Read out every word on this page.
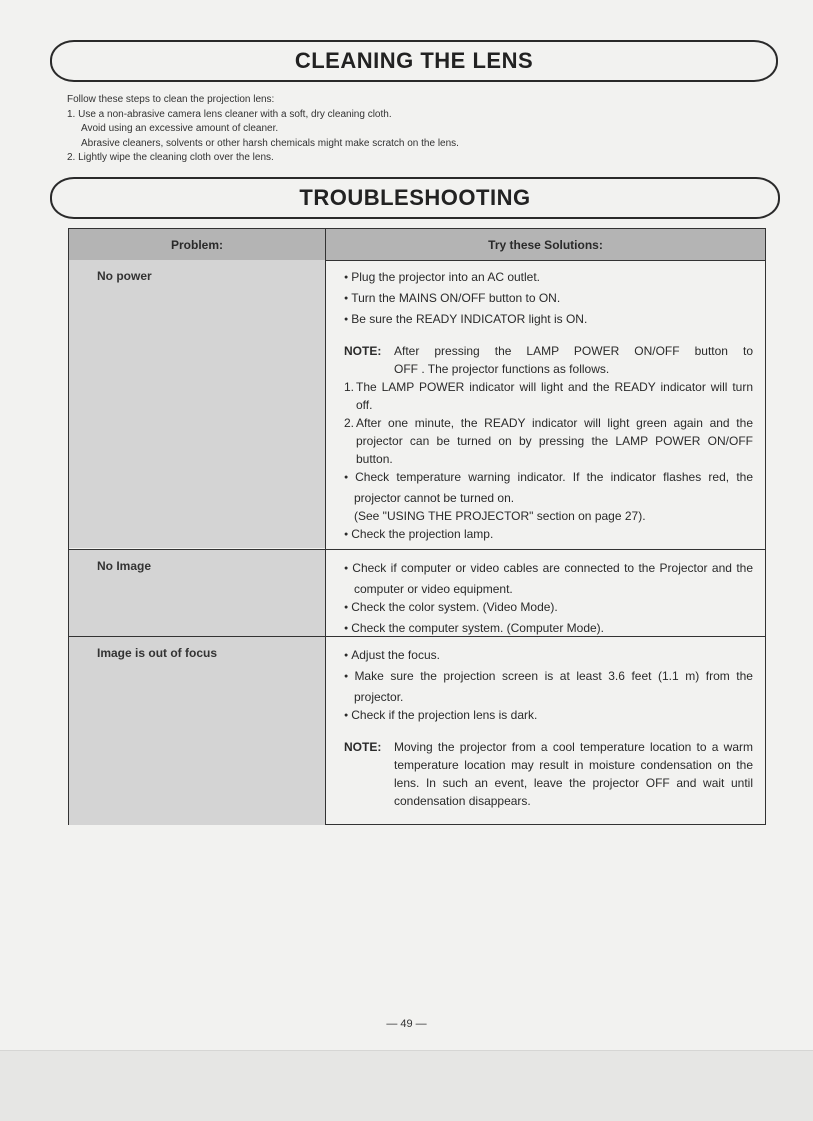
CLEANING THE LENS
Follow these steps to clean the projection lens:
1. Use a non-abrasive camera lens cleaner with a soft, dry cleaning cloth.
Avoid using an excessive amount of cleaner.
Abrasive cleaners, solvents or other harsh chemicals might make scratch on the lens.
2. Lightly wipe the cleaning cloth over the lens.
TROUBLESHOOTING
Problem:	Try these Solutions:
No power	● Plug the projector into an AC outlet.
● Turn the MAINS ON/OFF button to ON.
● Be sure the READY INDICATOR light is ON.
NOTE:	After pressing the LAMP POWER ON/OFF button to
OFF . The projector functions as follows.
1. The LAMP POWER indicator will light and the READY indicator will turn off.
2. After one minute, the READY indicator will light green again and the projector can be turned on by pressing the LAMP POWER ON/OFF button.
● Check temperature warning indicator. If the indicator flashes red, the projector cannot be turned on.
(See "USING THE PROJECTOR" section on page 27).
● Check the projection lamp.
No Image	● Check if computer or video cables are connected to the Projector and the computer or video equipment.
● Check the color system. (Video Mode).
● Check the computer system. (Computer Mode).
Image is out of focus	● Adjust the focus.
● Make sure the projection screen is at least 3.6 feet (1.1 m) from the projector.
● Check if the projection lens is dark.
NOTE:	Moving the projector from a cool temperature location to a warm temperature location may result in moisture condensation on the lens. In such an event, leave the projector OFF and wait until condensation disappears.
— 49 —
